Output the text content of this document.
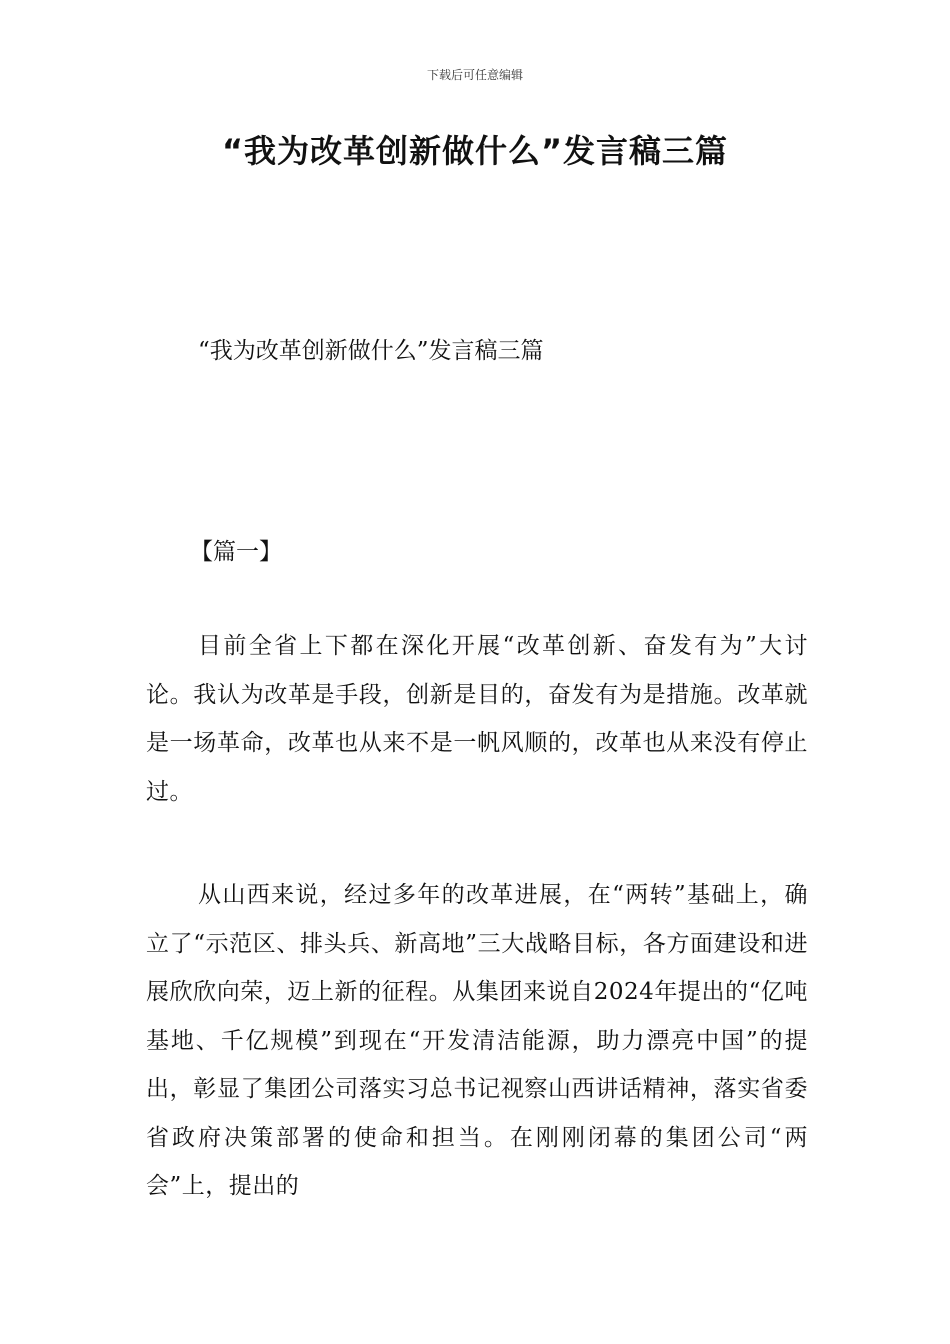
下载后可任意编辑
“我为改革创新做什么”发言稿三篇
“我为改革创新做什么”发言稿三篇
【篇一】

目前全省上下都在深化开展“改革创新、奋发有为”大讨论。我认为改革是手段，创新是目的，奋发有为是措施。改革就是一场革命，改革也从来不是一帆风顺的，改革也从来没有停止过。

从山西来说，经过多年的改革进展，在“两转”基础上，确立了“示范区、排头兵、新高地”三大战略目标，各方面建设和进展欣欣向荣，迈上新的征程。从集团来说自2024年提出的“亿吨基地、千亿规模”到现在“开发清洁能源，助力漂亮中国”的提出，彰显了集团公司落实习总书记视察山西讲话精神，落实省委省政府决策部署的使命和担当。在刚刚闭幕的集团公司“两会”上，提出的
